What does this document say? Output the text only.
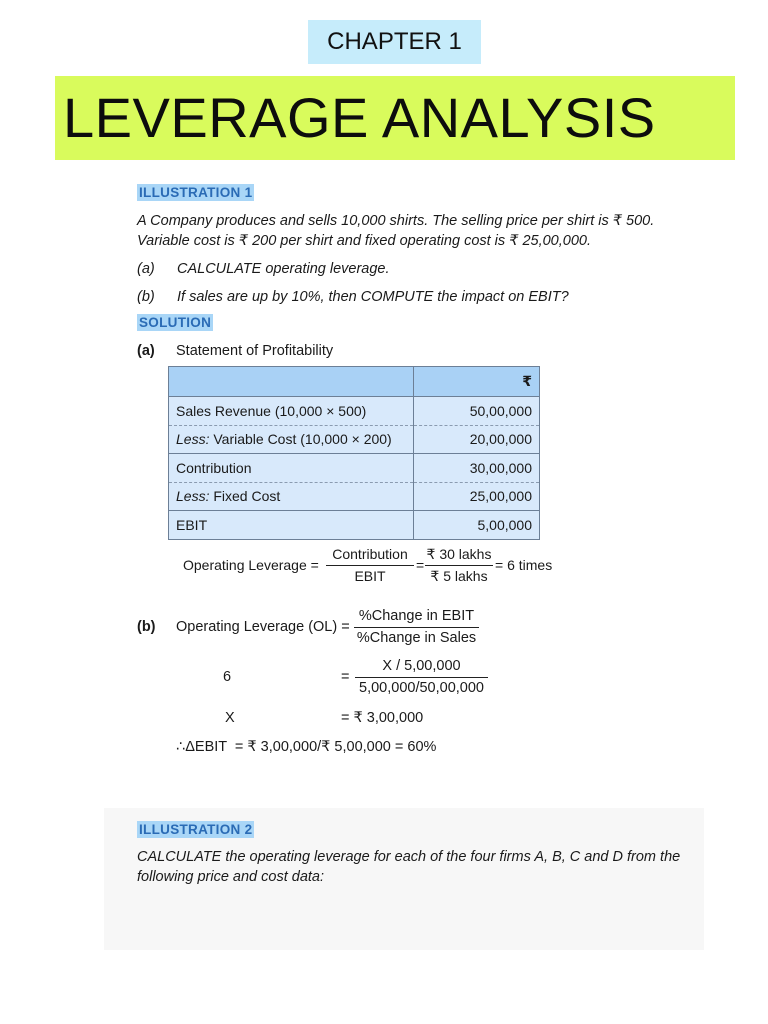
CHAPTER 1
LEVERAGE ANALYSIS
ILLUSTRATION 1
A Company produces and sells 10,000 shirts. The selling price per shirt is ₹ 500.
Variable cost is ₹ 200 per shirt and fixed operating cost is ₹ 25,00,000.
(a) CALCULATE operating leverage.
(b) If sales are up by 10%, then COMPUTE the impact on EBIT?
SOLUTION
(a) Statement of Profitability
	₹
Sales Revenue (10,000 × 500)	50,00,000
Less: Variable Cost (10,000 × 200)	20,00,000
Contribution	30,00,000
Less: Fixed Cost	25,00,000
EBIT	5,00,000
Operating Leverage =
Contribution
EBIT
=
₹ 30 lakhs
₹ 5 lakhs
= 6 times
(b) Operating Leverage (OL) =
%Change in EBIT
%Change in Sales
6	= $\frac{X / 5,00,000}{5,00,000/50,00,000}$
X	= ₹ 3,00,000
∴ΔEBIT  = ₹ 3,00,000/₹ 5,00,000 = 60%
ILLUSTRATION 2
CALCULATE the operating leverage for each of the four firms A, B, C and D from the
following price and cost data:
